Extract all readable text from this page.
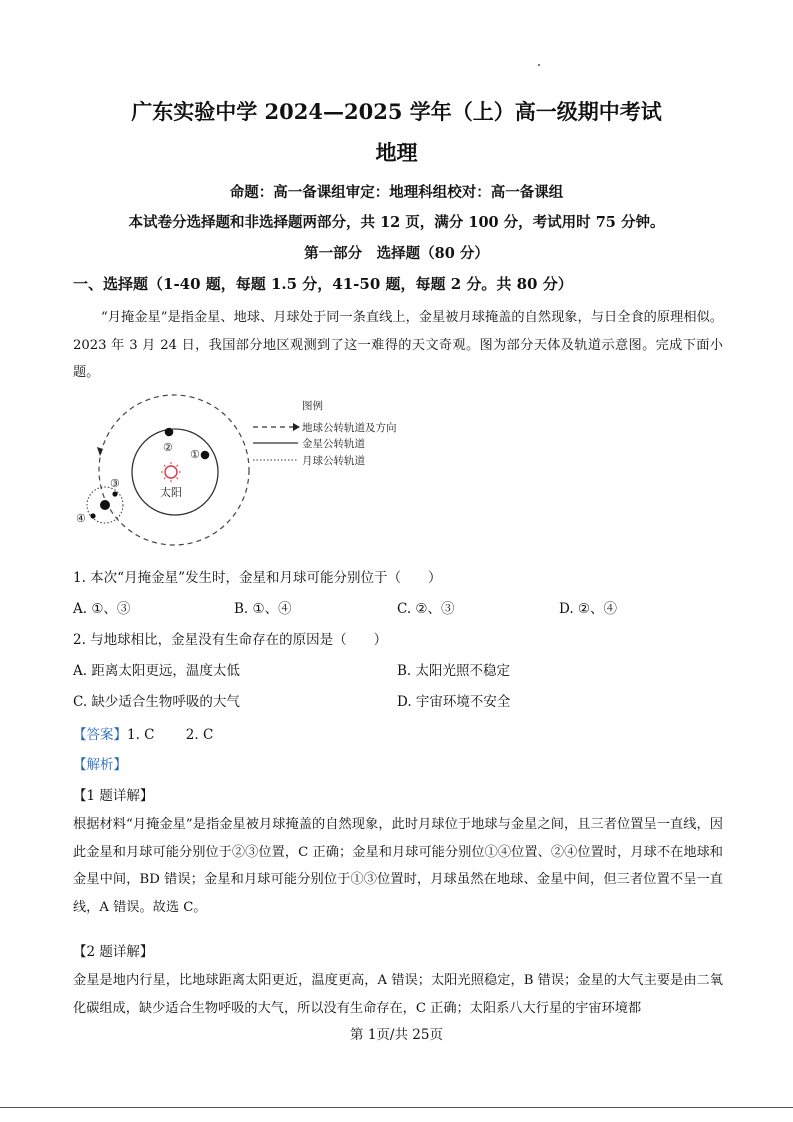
广东实验中学 2024—2025 学年（上）高一级期中考试
地理
命题：高一备课组审定：地理科组校对：高一备课组
本试卷分选择题和非选择题两部分，共 12 页，满分 100 分，考试用时 75 分钟。
第一部分　选择题（80 分）
一、选择题（1-40 题，每题 1.5 分，41-50 题，每题 2 分。共 80 分）
“月掩金星”是指金星、地球、月球处于同一条直线上，金星被月球掩盖的自然现象，与日全食的原理相似。2023 年 3 月 24 日，我国部分地区观测到了这一难得的天文奇观。图为部分天体及轨道示意图。完成下面小题。
太阳
②
①
③
④
图例
地球公转轨道及方向
金星公转轨道
月球公转轨道
1. 本次“月掩金星”发生时，金星和月球可能分别位于（　　）
A. ①、③	B. ①、④	C. ②、③	D. ②、④
2. 与地球相比，金星没有生命存在的原因是（　　）
A. 距离太阳更远，温度太低	B. 太阳光照不稳定
C. 缺少适合生物呼吸的大气	D. 宇宙环境不安全
【答案】1. C　　 2. C
【解析】
【1 题详解】
根据材料“月掩金星”是指金星被月球掩盖的自然现象，此时月球位于地球与金星之间，且三者位置呈一直线，因此金星和月球可能分别位于②③位置，C 正确；金星和月球可能分别位①④位置、②④位置时，月球不在地球和金星中间，BD 错误；金星和月球可能分别位于①③位置时，月球虽然在地球、金星中间，但三者位置不呈一直线，A 错误。故选 C。
【2 题详解】
金星是地内行星，比地球距离太阳更近，温度更高，A 错误；太阳光照稳定，B 错误；金星的大气主要是由二氧化碳组成，缺少适合生物呼吸的大气，所以没有生命存在，C 正确；太阳系八大行星的宇宙环境都
第 1页/共 25页
